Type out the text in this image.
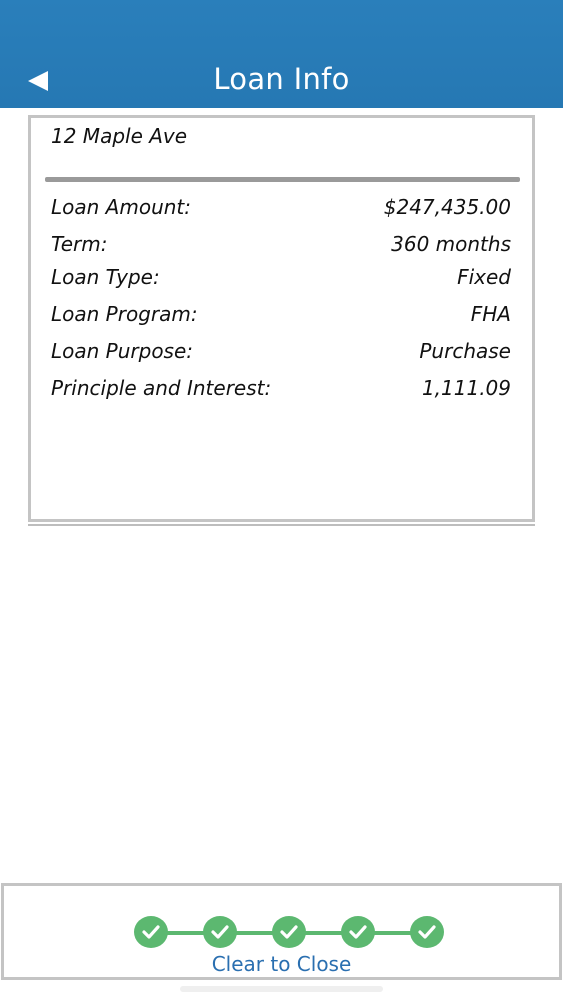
Loan Info
12 Maple Ave
Loan Amount:	$247,435.00
Term:	360 months
Loan Type:	Fixed
Loan Program:	FHA
Loan Purpose:	Purchase
Principle and Interest:	1,111.09
Clear to Close
